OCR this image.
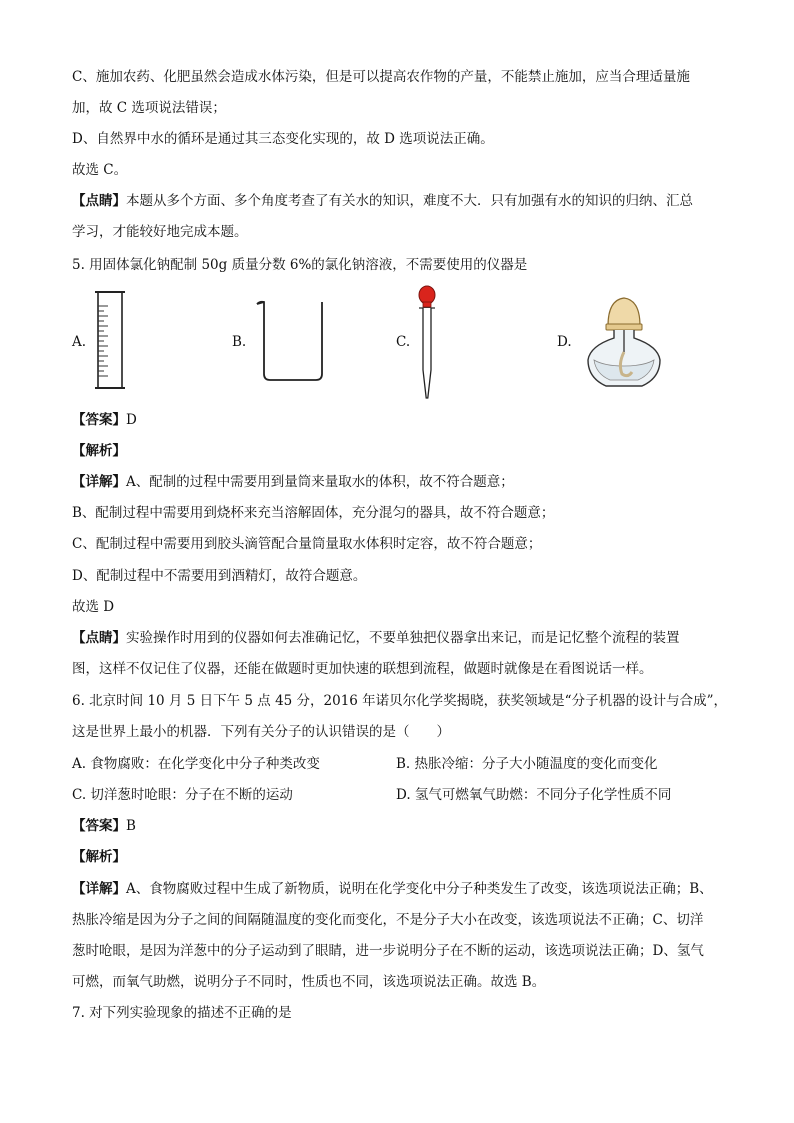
C、施加农药、化肥虽然会造成水体污染，但是可以提高农作物的产量，不能禁止施加，应当合理适量施
加，故 C 选项说法错误；
D、自然界中水的循环是通过其三态变化实现的，故 D 选项说法正确。
故选 C。
【点睛】本题从多个方面、多个角度考查了有关水的知识，难度不大．只有加强有水的知识的归纳、汇总
学习，才能较好地完成本题。
5. 用固体氯化钠配制 50g 质量分数 6%的氯化钠溶液，不需要使用的仪器是
A.	B.	C.	D.
【答案】D
【解析】
【详解】A、配制的过程中需要用到量筒来量取水的体积，故不符合题意；
B、配制过程中需要用到烧杯来充当溶解固体，充分混匀的器具，故不符合题意；
C、配制过程中需要用到胶头滴管配合量筒量取水体积时定容，故不符合题意；
D、配制过程中不需要用到酒精灯，故符合题意。
故选 D
【点睛】实验操作时用到的仪器如何去准确记忆，不要单独把仪器拿出来记，而是记忆整个流程的装置
图，这样不仅记住了仪器，还能在做题时更加快速的联想到流程，做题时就像是在看图说话一样。
6. 北京时间 10 月 5 日下午 5 点 45 分，2016 年诺贝尔化学奖揭晓，获奖领域是“分子机器的设计与合成”，
这是世界上最小的机器．下列有关分子的认识错误的是（　　）
A. 食物腐败：在化学变化中分子种类改变	B. 热胀冷缩：分子大小随温度的变化而变化
C. 切洋葱时呛眼：分子在不断的运动	D. 氢气可燃氧气助燃：不同分子化学性质不同
【答案】B
【解析】
【详解】A、食物腐败过程中生成了新物质，说明在化学变化中分子种类发生了改变，该选项说法正确；B、
热胀冷缩是因为分子之间的间隔随温度的变化而变化，不是分子大小在改变，该选项说法不正确；C、切洋
葱时呛眼，是因为洋葱中的分子运动到了眼睛，进一步说明分子在不断的运动，该选项说法正确；D、氢气
可燃，而氧气助燃，说明分子不同时，性质也不同，该选项说法正确。故选 B。
7. 对下列实验现象的描述不正确的是
